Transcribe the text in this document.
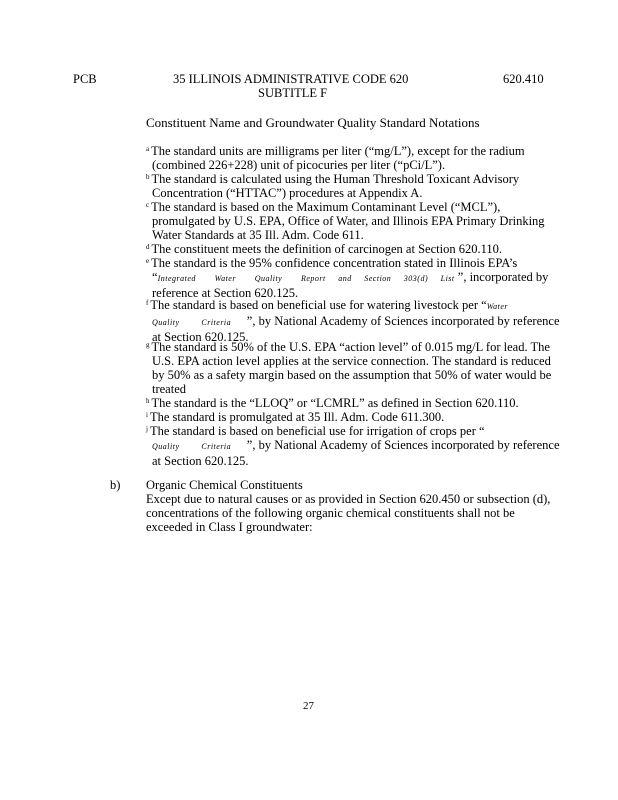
PCB	35 ILLINOIS ADMINISTRATIVE CODE 620
SUBTITLE F
620.410
Constituent Name and Groundwater Quality Standard Notations
$^a$ The standard units are milligrams per liter (“mg/L”), except for the radium
(combined 226+228) unit of picocuries per liter (“pCi/L”).
$^b$ The standard is calculated using the Human Threshold Toxicant Advisory
Concentration (“HTTAC”) procedures at Appendix A.
$^c$ The standard is based on the Maximum Contaminant Level (“MCL”),
promulgated by U.S. EPA, Office of Water, and Illinois EPA Primary Drinking
Water Standards at 35 Ill. Adm. Code 611.
$^d$ The constituent meets the definition of carcinogen at Section 620.110.
$^e$ The standard is the 95% confidence concentration stated in Illinois EPA’s
“Integrated Water Quality Report and Section 303(d) List ”, incorporated by
reference at Section 620.125.
$^f$ The standard is based on beneficial use for watering livestock per “Water
Quality	Criteria ”, by National Academy of Sciences incorporated by reference
at Section 620.125.
$^g$ The standard is 50% of the U.S. EPA “action level” of 0.015 mg/L for lead. The
U.S. EPA action level applies at the service connection. The standard is reduced
by 50% as a safety margin based on the assumption that 50% of water would be
treated
$^h$ The standard is the “LLOQ” or “LCMRL” as defined in Section 620.110.
$^i$ The standard is promulgated at 35 Ill. Adm. Code 611.300.
$^j$ The standard is based on beneficial use for irrigation of crops per “
Quality	Criteria ”, by National Academy of Sciences incorporated by reference
at Section 620.125.
b) Organic Chemical Constituents
Except due to natural causes or as provided in Section 620.450 or subsection (d),
concentrations of the following organic chemical constituents shall not be
exceeded in Class I groundwater:
27
